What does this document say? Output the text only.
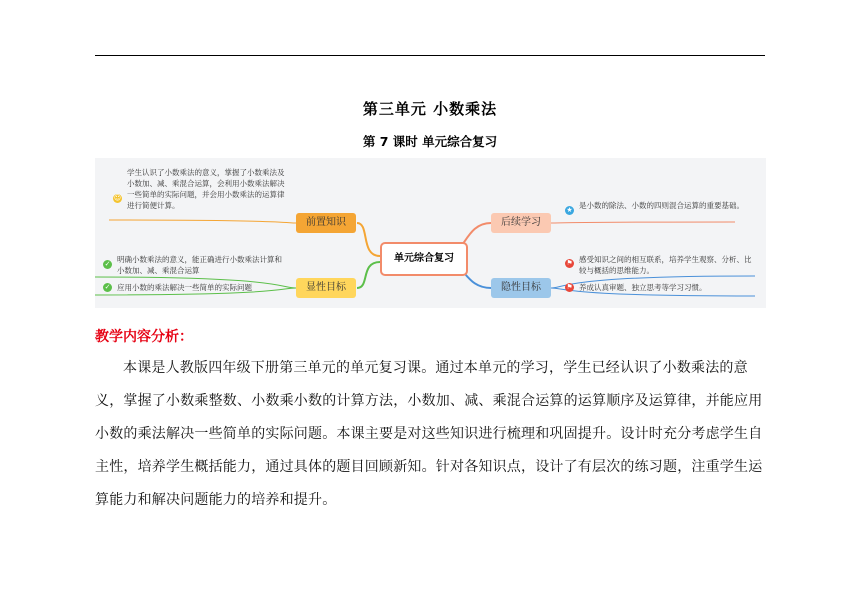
第三单元 小数乘法
第 7 课时 单元综合复习
单元综合复习
前置知识	后续学习
显性目标	隐性目标
☺
学生认识了小数乘法的意义，掌握了小数乘法及小数加、减、乘混合运算，会利用小数乘法解决一些简单的实际问题，并会用小数乘法的运算律进行简便计算。	★ 是小数的除法、小数的四则混合运算的重要基础。
✓ 明确小数乘法的意义，能正确进行小数乘法计算和小数加、减、乘混合运算
✓ 应用小数的乘法解决一些简单的实际问题
⚑ 感受知识之间的相互联系，培养学生观察、分析、比较与概括的思维能力。
⚑ 养成认真审题、独立思考等学习习惯。
教学内容分析：
本课是人教版四年级下册第三单元的单元复习课。通过本单元的学习，学生已经认识了小数乘法的意义，掌握了小数乘整数、小数乘小数的计算方法，小数加、减、乘混合运算的运算顺序及运算律，并能应用小数的乘法解决一些简单的实际问题。本课主要是对这些知识进行梳理和巩固提升。设计时充分考虑学生自主性，培养学生概括能力，通过具体的题目回顾新知。针对各知识点，设计了有层次的练习题，注重学生运算能力和解决问题能力的培养和提升。
